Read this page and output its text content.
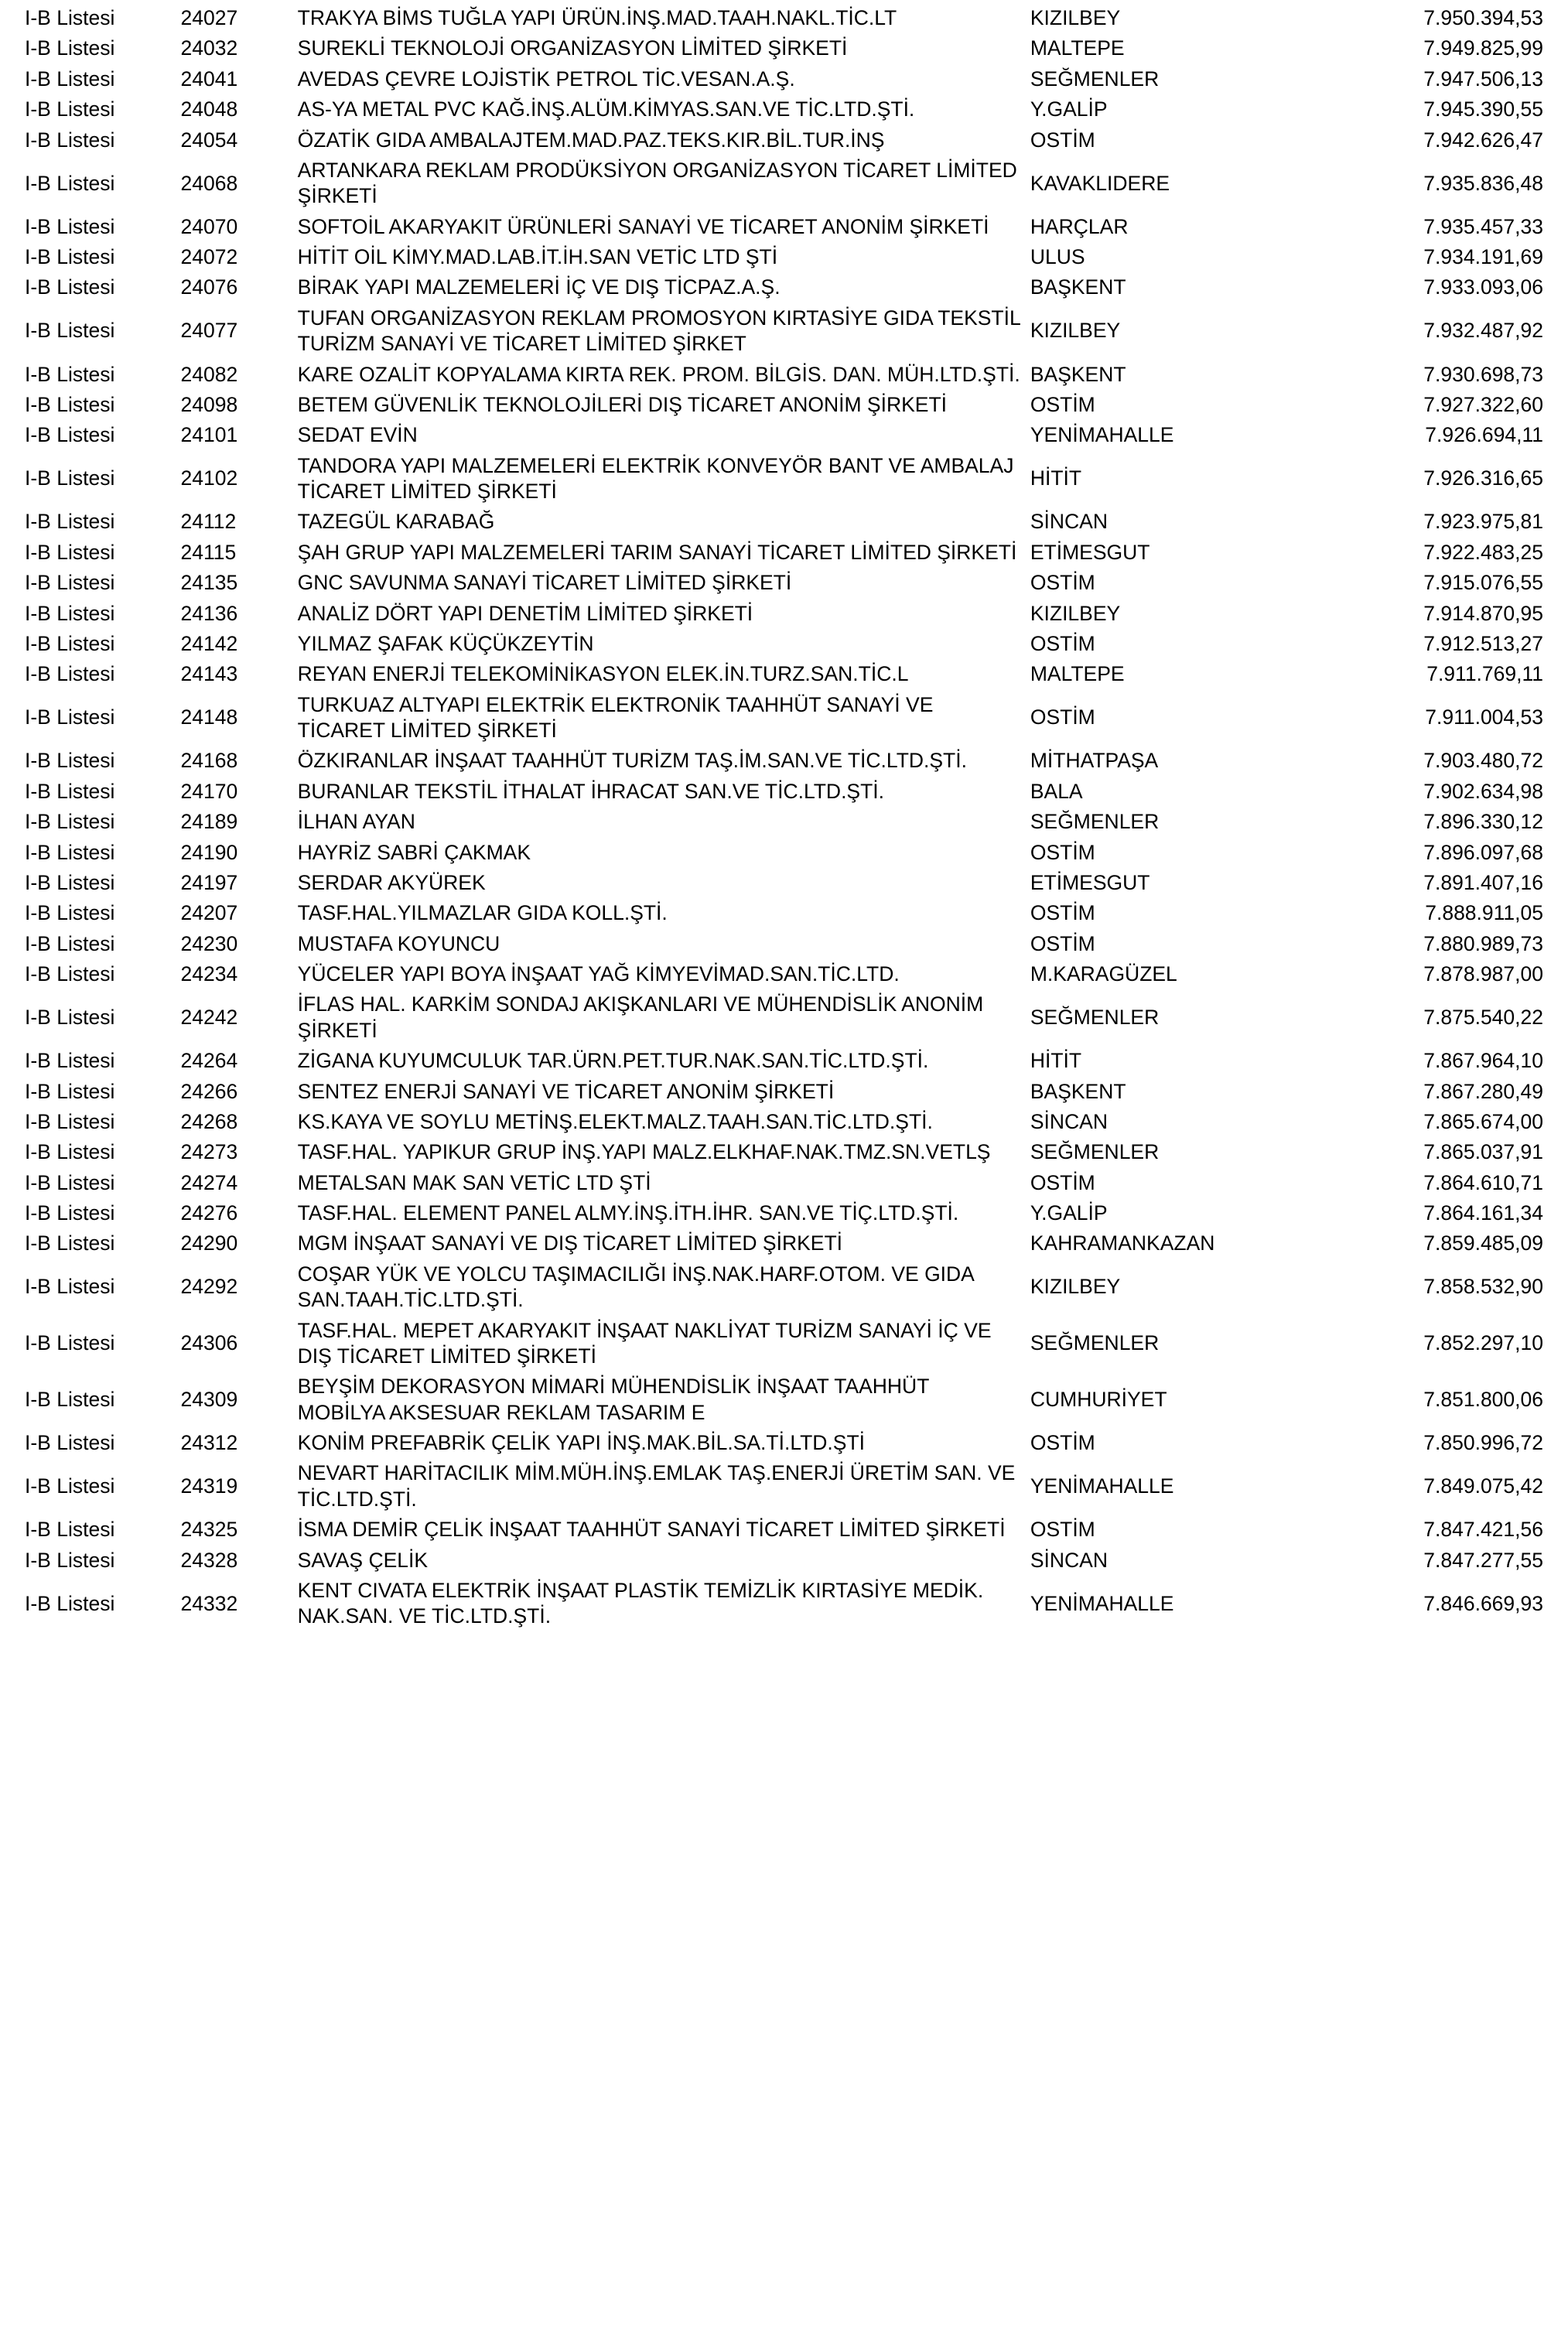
I-B Listesi	24027	TRAKYA BİMS TUĞLA YAPI ÜRÜN.İNŞ.MAD.TAAH.NAKL.TİC.LT	KIZILBEY	7.950.394,53
I-B Listesi	24032	SUREKLİ TEKNOLOJİ ORGANİZASYON LİMİTED ŞİRKETİ	MALTEPE	7.949.825,99
I-B Listesi	24041	AVEDAS ÇEVRE LOJİSTİK PETROL TİC.VESAN.A.Ş.	SEĞMENLER	7.947.506,13
I-B Listesi	24048	AS-YA METAL PVC KAĞ.İNŞ.ALÜM.KİMYAS.SAN.VE TİC.LTD.ŞTİ.	Y.GALİP	7.945.390,55
I-B Listesi	24054	ÖZATİK GIDA AMBALAJTEM.MAD.PAZ.TEKS.KIR.BİL.TUR.İNŞ	OSTİM	7.942.626,47
I-B Listesi	24068	ARTANKARA REKLAM PRODÜKSİYON ORGANİZASYON TİCARET LİMİTED ŞİRKETİ	KAVAKLIDERE	7.935.836,48
I-B Listesi	24070	SOFTOİL AKARYAKIT ÜRÜNLERİ SANAYİ VE TİCARET ANONİM ŞİRKETİ	HARÇLAR	7.935.457,33
I-B Listesi	24072	HİTİT OİL KİMY.MAD.LAB.İT.İH.SAN VETİC LTD ŞTİ	ULUS	7.934.191,69
I-B Listesi	24076	BİRAK YAPI MALZEMELERİ İÇ VE DIŞ TİCPAZ.A.Ş.	BAŞKENT	7.933.093,06
I-B Listesi	24077	TUFAN ORGANİZASYON REKLAM PROMOSYON KIRTASİYE GIDA TEKSTİL TURİZM SANAYİ VE TİCARET LİMİTED ŞİRKET	KIZILBEY	7.932.487,92
I-B Listesi	24082	KARE OZALİT KOPYALAMA KIRTA REK. PROM. BİLGİS. DAN. MÜH.LTD.ŞTİ.	BAŞKENT	7.930.698,73
I-B Listesi	24098	BETEM GÜVENLİK TEKNOLOJİLERİ DIŞ TİCARET ANONİM ŞİRKETİ	OSTİM	7.927.322,60
I-B Listesi	24101	SEDAT EVİN	YENİMAHALLE	7.926.694,11
I-B Listesi	24102	TANDORA YAPI MALZEMELERİ ELEKTRİK KONVEYÖR BANT VE AMBALAJ TİCARET LİMİTED ŞİRKETİ	HİTİT	7.926.316,65
I-B Listesi	24112	TAZEGÜL KARABAĞ	SİNCAN	7.923.975,81
I-B Listesi	24115	ŞAH GRUP YAPI MALZEMELERİ TARIM SANAYİ TİCARET LİMİTED ŞİRKETİ	ETİMESGUT	7.922.483,25
I-B Listesi	24135	GNC SAVUNMA SANAYİ TİCARET LİMİTED ŞİRKETİ	OSTİM	7.915.076,55
I-B Listesi	24136	ANALİZ DÖRT YAPI DENETİM LİMİTED ŞİRKETİ	KIZILBEY	7.914.870,95
I-B Listesi	24142	YILMAZ ŞAFAK KÜÇÜKZEYTİN	OSTİM	7.912.513,27
I-B Listesi	24143	REYAN ENERJİ TELEKOMİNİKASYON ELEK.İN.TURZ.SAN.TİC.L	MALTEPE	7.911.769,11
I-B Listesi	24148	TURKUAZ ALTYAPI ELEKTRİK ELEKTRONİK TAAHHÜT SANAYİ VE TİCARET LİMİTED ŞİRKETİ	OSTİM	7.911.004,53
I-B Listesi	24168	ÖZKIRANLAR İNŞAAT TAAHHÜT TURİZM TAŞ.İM.SAN.VE TİC.LTD.ŞTİ.	MİTHATPAŞA	7.903.480,72
I-B Listesi	24170	BURANLAR TEKSTİL İTHALAT İHRACAT SAN.VE TİC.LTD.ŞTİ.	BALA	7.902.634,98
I-B Listesi	24189	İLHAN AYAN	SEĞMENLER	7.896.330,12
I-B Listesi	24190	HAYRİZ SABRİ ÇAKMAK	OSTİM	7.896.097,68
I-B Listesi	24197	SERDAR AKYÜREK	ETİMESGUT	7.891.407,16
I-B Listesi	24207	TASF.HAL.YILMAZLAR GIDA KOLL.ŞTİ.	OSTİM	7.888.911,05
I-B Listesi	24230	MUSTAFA KOYUNCU	OSTİM	7.880.989,73
I-B Listesi	24234	YÜCELER YAPI BOYA İNŞAAT YAĞ KİMYEVİMAD.SAN.TİC.LTD.	M.KARAGÜZEL	7.878.987,00
I-B Listesi	24242	İFLAS HAL. KARKİM SONDAJ AKIŞKANLARI VE MÜHENDİSLİK ANONİM ŞİRKETİ	SEĞMENLER	7.875.540,22
I-B Listesi	24264	ZİGANA KUYUMCULUK TAR.ÜRN.PET.TUR.NAK.SAN.TİC.LTD.ŞTİ.	HİTİT	7.867.964,10
I-B Listesi	24266	SENTEZ ENERJİ SANAYİ VE TİCARET ANONİM ŞİRKETİ	BAŞKENT	7.867.280,49
I-B Listesi	24268	KS.KAYA VE SOYLU METİNŞ.ELEKT.MALZ.TAAH.SAN.TİC.LTD.ŞTİ.	SİNCAN	7.865.674,00
I-B Listesi	24273	TASF.HAL. YAPIKUR GRUP İNŞ.YAPI MALZ.ELKHAF.NAK.TMZ.SN.VETLŞ	SEĞMENLER	7.865.037,91
I-B Listesi	24274	METALSAN MAK SAN VETİC LTD ŞTİ	OSTİM	7.864.610,71
I-B Listesi	24276	TASF.HAL. ELEMENT PANEL ALMY.İNŞ.İTH.İHR. SAN.VE TİÇ.LTD.ŞTİ.	Y.GALİP	7.864.161,34
I-B Listesi	24290	MGM İNŞAAT SANAYİ VE DIŞ TİCARET LİMİTED ŞİRKETİ	KAHRAMANKAZAN	7.859.485,09
I-B Listesi	24292	COŞAR YÜK VE YOLCU TAŞIMACILIĞI İNŞ.NAK.HARF.OTOM. VE GIDA SAN.TAAH.TİC.LTD.ŞTİ.	KIZILBEY	7.858.532,90
I-B Listesi	24306	TASF.HAL. MEPET AKARYAKIT İNŞAAT NAKLİYAT TURİZM SANAYİ İÇ VE DIŞ TİCARET LİMİTED ŞİRKETİ	SEĞMENLER	7.852.297,10
I-B Listesi	24309	BEYŞİM DEKORASYON MİMARİ MÜHENDİSLİK İNŞAAT TAAHHÜT MOBİLYA AKSESUAR REKLAM TASARIM E	CUMHURİYET	7.851.800,06
I-B Listesi	24312	KONİM PREFABRİK ÇELİK YAPI İNŞ.MAK.BİL.SA.Tİ.LTD.ŞTİ	OSTİM	7.850.996,72
I-B Listesi	24319	NEVART HARİTACILIK MİM.MÜH.İNŞ.EMLAK TAŞ.ENERJİ ÜRETİM SAN. VE TİC.LTD.ŞTİ.	YENİMAHALLE	7.849.075,42
I-B Listesi	24325	İSMA DEMİR ÇELİK İNŞAAT TAAHHÜT SANAYİ TİCARET LİMİTED ŞİRKETİ	OSTİM	7.847.421,56
I-B Listesi	24328	SAVAŞ ÇELİK	SİNCAN	7.847.277,55
I-B Listesi	24332	KENT CIVATA ELEKTRİK İNŞAAT PLASTİK TEMİZLİK KIRTASİYE MEDİK. NAK.SAN. VE TİC.LTD.ŞTİ.	YENİMAHALLE	7.846.669,93
